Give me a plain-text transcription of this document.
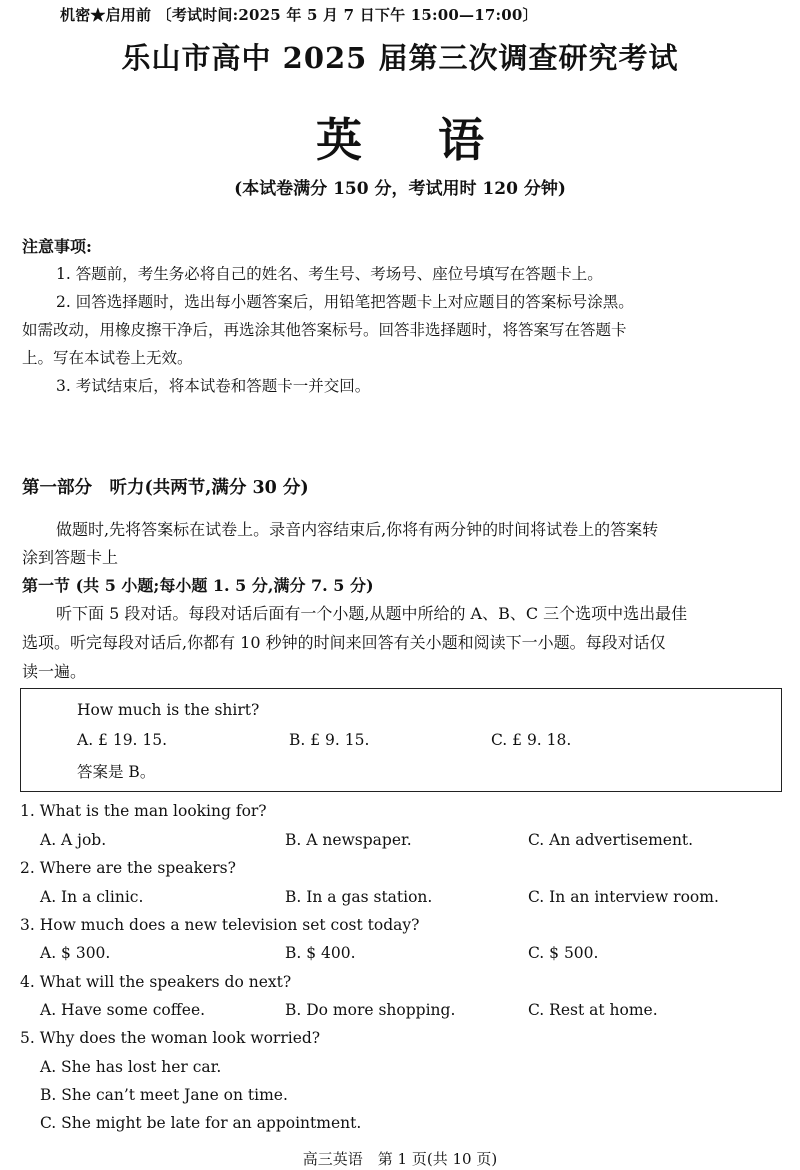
机密★启用前 〔考试时间:2025 年 5 月 7 日下午 15:00—17:00〕
乐山市高中 2025 届第三次调查研究考试
英 语
(本试卷满分 150 分，考试用时 120 分钟)
注意事项:
1. 答题前，考生务必将自己的姓名、考生号、考场号、座位号填写在答题卡上。
2. 回答选择题时，选出每小题答案后，用铅笔把答题卡上对应题目的答案标号涂黑。
如需改动，用橡皮擦干净后，再选涂其他答案标号。回答非选择题时，将答案写在答题卡
上。写在本试卷上无效。
3. 考试结束后，将本试卷和答题卡一并交回。
第一部分　听力(共两节,满分 30 分)
做题时,先将答案标在试卷上。录音内容结束后,你将有两分钟的时间将试卷上的答案转
涂到答题卡上
第一节 (共 5 小题;每小题 1. 5 分,满分 7. 5 分)
听下面 5 段对话。每段对话后面有一个小题,从题中所给的 A、B、C 三个选项中选出最佳
选项。听完每段对话后,你都有 10 秒钟的时间来回答有关小题和阅读下一小题。每段对话仅
读一遍。
How much is the shirt?
A. £ 19. 15.	B. £ 9. 15.	C. £ 9. 18.
答案是 B。
1. What is the man looking for?
A. A job.	B. A newspaper.	C. An advertisement.
2. Where are the speakers?
A. In a clinic.	B. In a gas station.	C. In an interview room.
3. How much does a new television set cost today?
A. $ 300.	B. $ 400.	C. $ 500.
4. What will the speakers do next?
A. Have some coffee.	B. Do more shopping.	C. Rest at home.
5. Why does the woman look worried?
A. She has lost her car.
B. She can’t meet Jane on time.
C. She might be late for an appointment.
高三英语　第 1 页(共 10 页)
